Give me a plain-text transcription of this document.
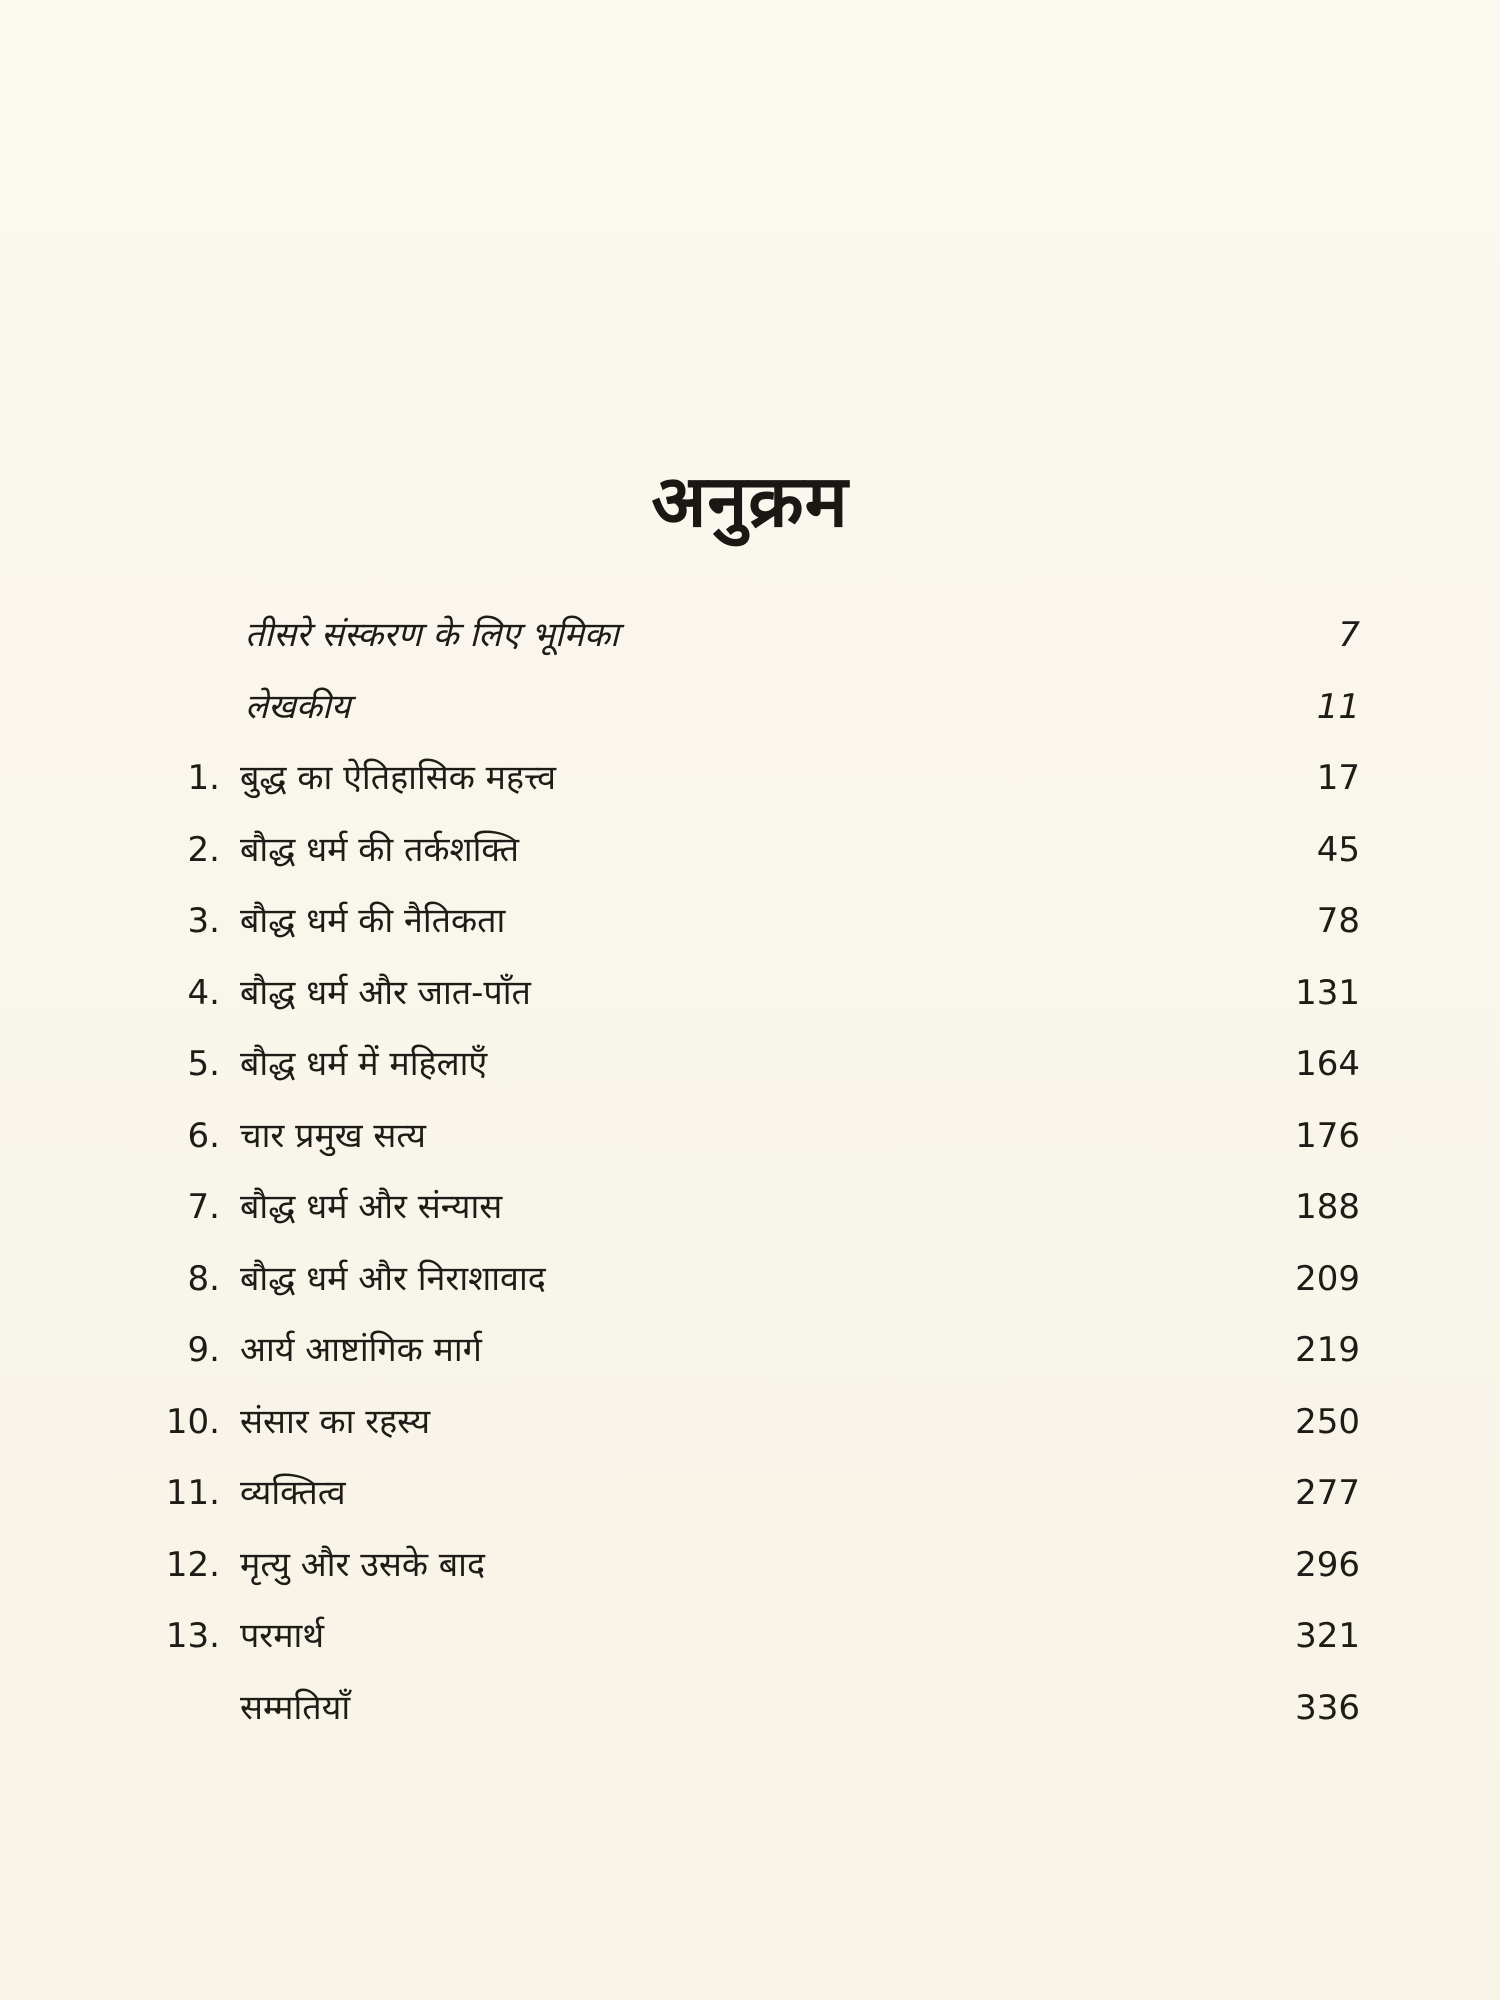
अनुक्रम
तीसरे संस्करण के लिए भूमिका	7
लेखकीय	11
1. बुद्ध का ऐतिहासिक महत्त्व	17
2. बौद्ध धर्म की तर्कशक्ति	45
3. बौद्ध धर्म की नैतिकता	78
4. बौद्ध धर्म और जात-पाँत	131
5. बौद्ध धर्म में महिलाएँ	164
6. चार प्रमुख सत्य	176
7. बौद्ध धर्म और संन्यास	188
8. बौद्ध धर्म और निराशावाद	209
9. आर्य आष्टांगिक मार्ग	219
10. संसार का रहस्य	250
11. व्यक्तित्व	277
12. मृत्यु और उसके बाद	296
13. परमार्थ	321
सम्मतियाँ	336
